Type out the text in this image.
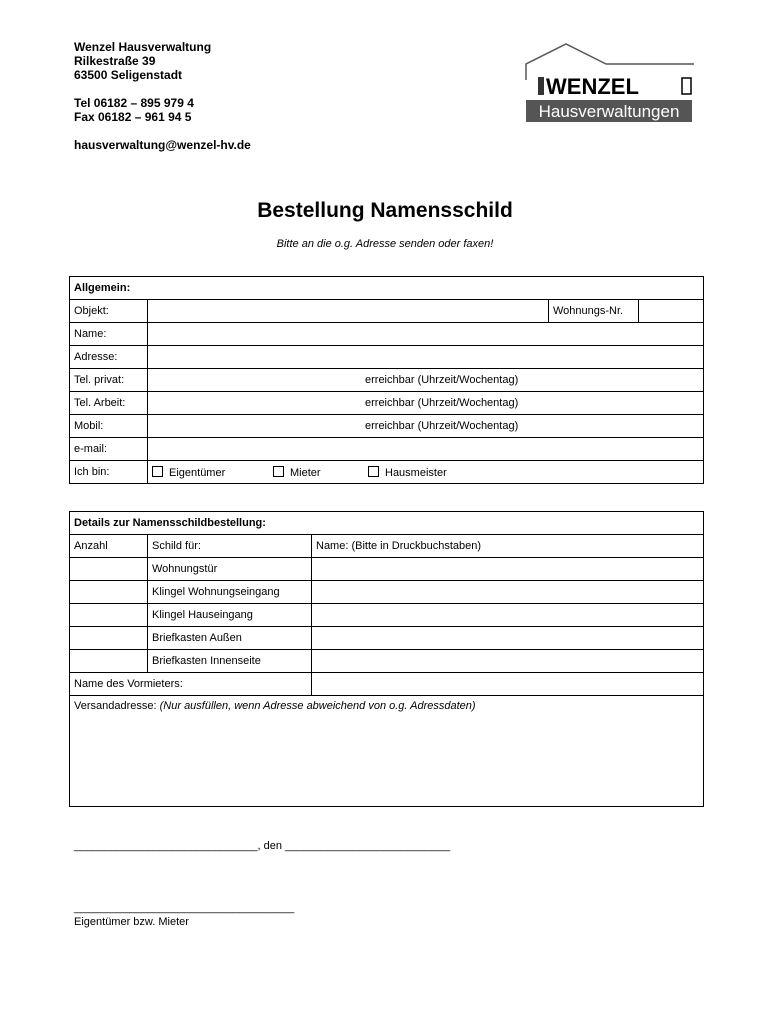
Wenzel Hausverwaltung
Rilkestraße 39
63500 Seligenstadt
Tel 06182 – 895 979 4
Fax 06182 – 961 94 5
hausverwaltung@wenzel-hv.de
WENZEL
Hausverwaltungen
Bestellung Namensschild
Bitte an die o.g. Adresse senden oder faxen!
Allgemein:			
Objekt:		Wohnungs-Nr.	
Name:			
Adresse:			
Tel. privat:	erreichbar (Uhrzeit/Wochentag)		

Tel. Arbeit:	erreichbar (Uhrzeit/Wochentag)		

Mobil:	erreichbar (Uhrzeit/Wochentag)		

e-mail:			
Ich bin:	Eigentümer Mieter Hausmeister		
Details zur Namensschildbestellung:		
Anzahl	Schild für:	Name: (Bitte in Druckbuchstaben)
	Wohnungstür	
	Klingel Wohnungseingang	
	Klingel Hauseingang	
	Briefkasten Außen	
	Briefkasten Innenseite	
Name des Vormieters:		
Versandadresse: (Nur ausfüllen, wenn Adresse abweichend von o.g. Adressdaten)		
______________________________, den ___________________________
____________________________________
Eigentümer bzw. Mieter
